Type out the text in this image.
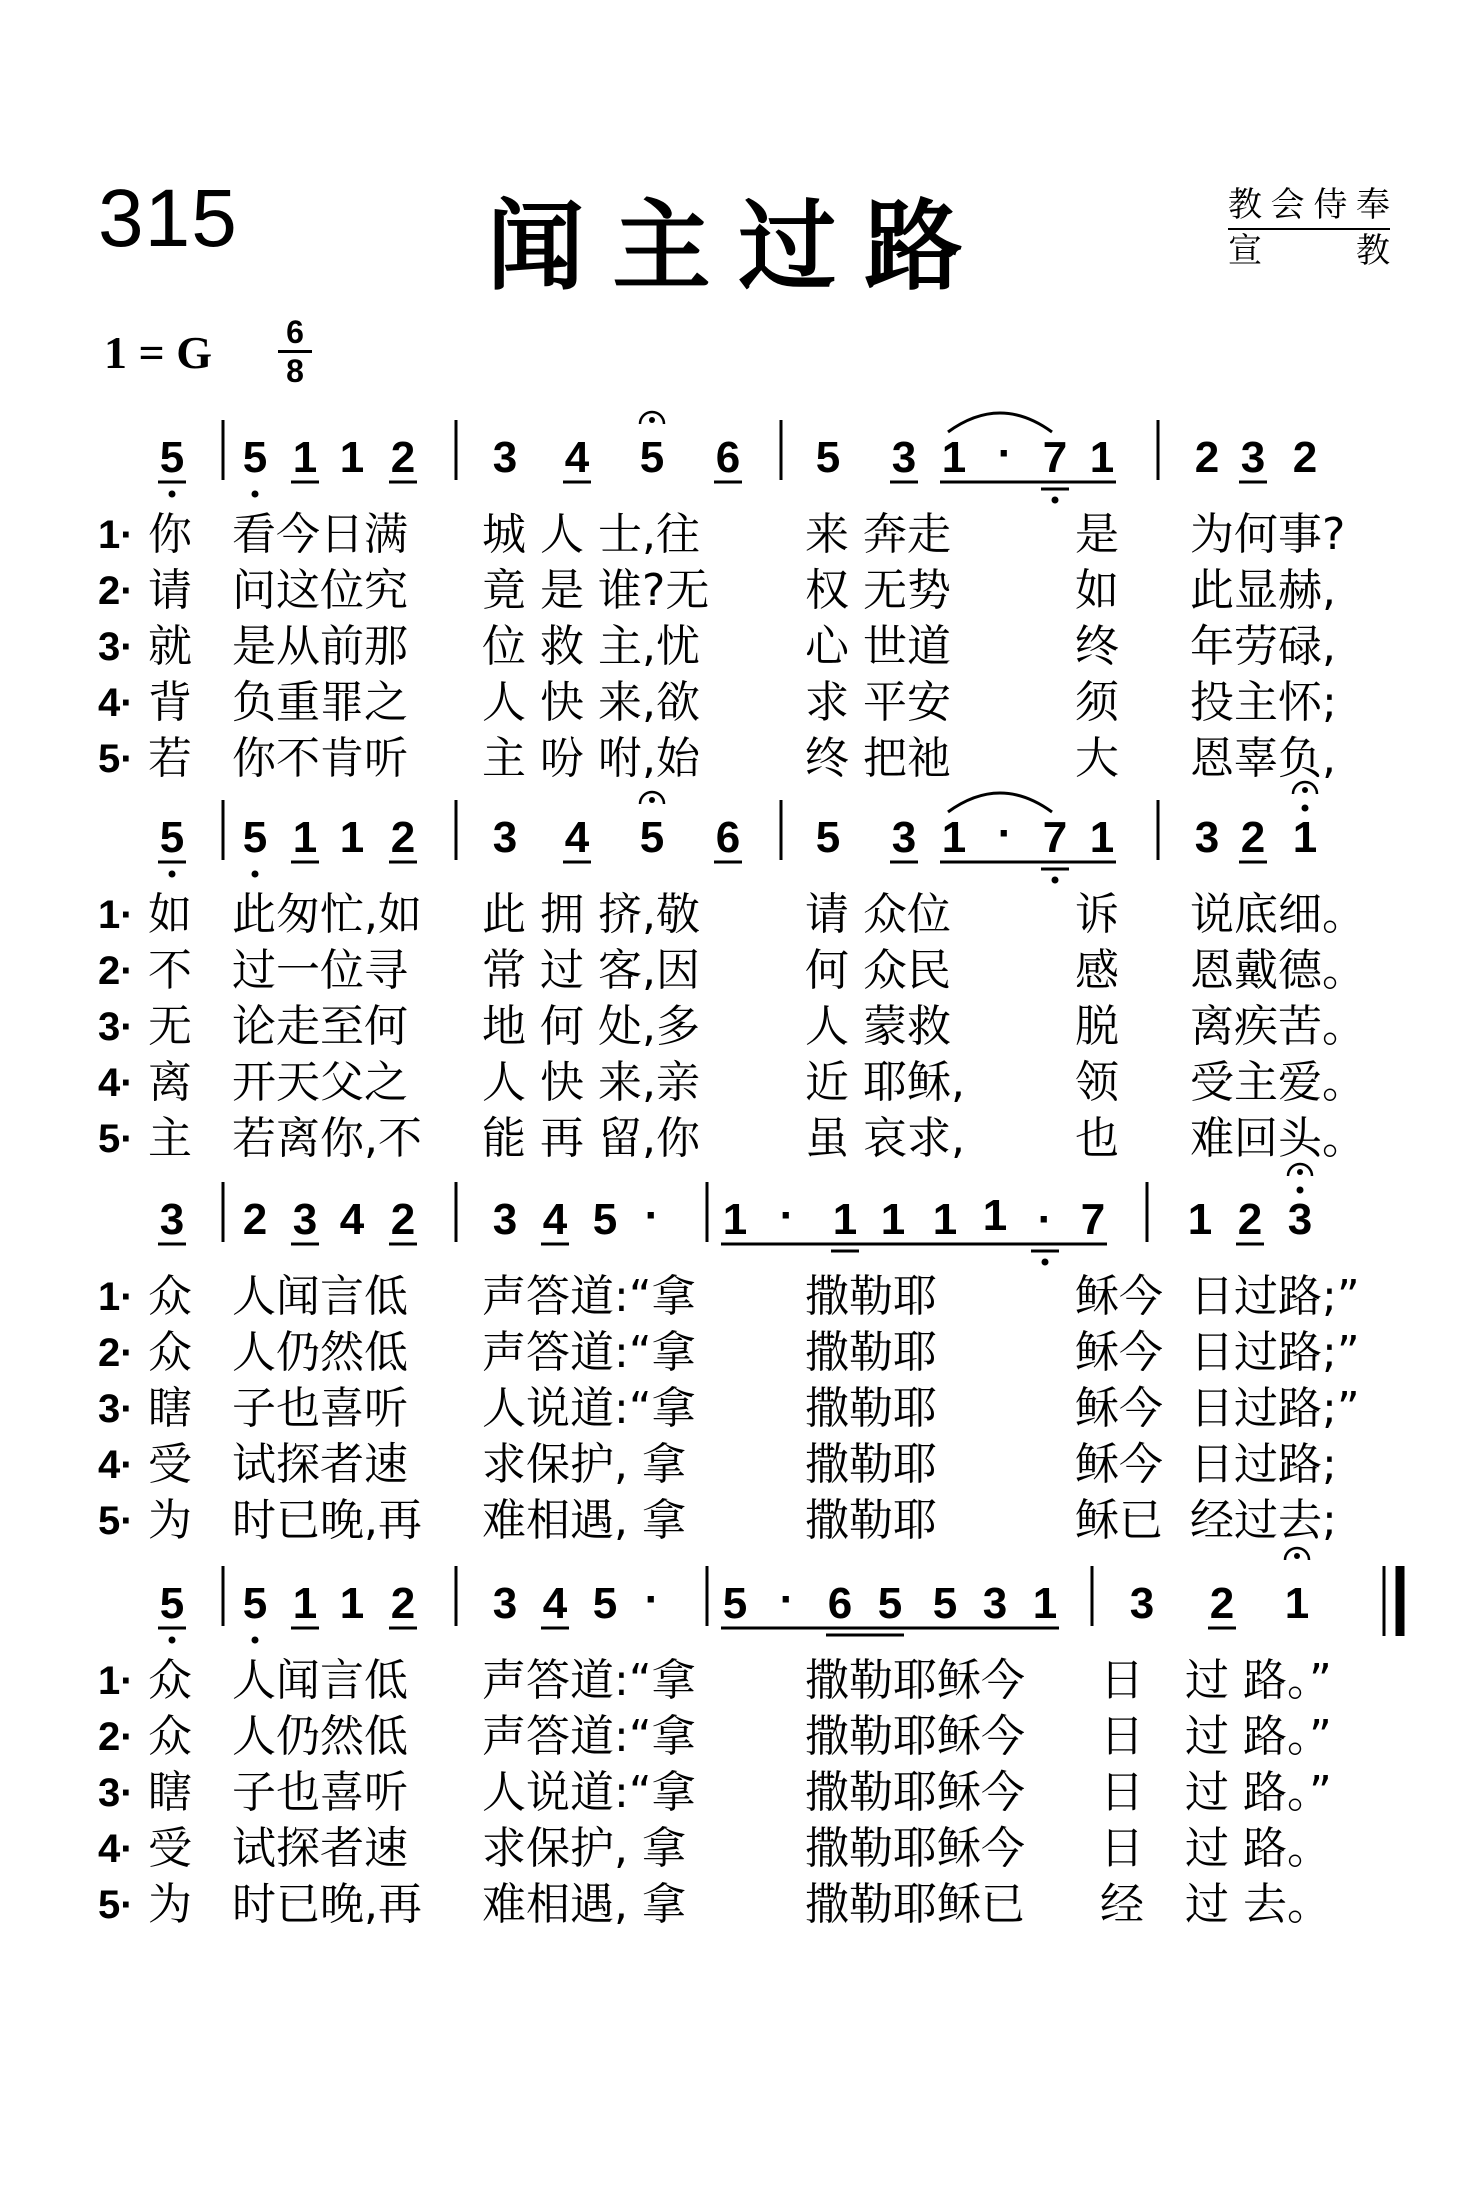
315	闻主过路	教会侍奉
宣教
1 = G 6
8
5 5 1 1 2 3 4 5 6 5 3 1 · 7 1 2 3 2
5 5 1 1 2 3 4 5 6 5 3 1 · 7 1 3 2 1
3 2 3 4 2 3 4 5 · 1 · 1 1 1 1 · 7 1 2 3
5 5 1 1 2 3 4 5 · 5 · 6 5 5 3 1 3 2 1
1· 你 看今日满 城 人 士,往 来 奔走	是 为何事?
2· 请 问这位究 竟 是 谁?无 权 无势	如 此显赫,
3· 就 是从前那 位 救 主,忧 心 世道	终 年劳碌,
4· 背 负重罪之 人 快 来,欲 求 平安	须 投主怀;
5· 若 你不肯听 主 吩 咐,始 终 把祂	大 恩辜负,
1· 如 此匆忙,如 此 拥 挤,敬 请 众位	诉 说底细。
2· 不 过一位寻 常 过 客,因 何 众民	感 恩戴德。
3· 无 论走至何 地 何 处,多 人 蒙救	脱 离疾苦。
4· 离 开天父之 人 快 来,亲 近 耶稣,	领 受主爱。
5· 主 若离你,不 能 再 留,你 虽 哀求,	也 难回头。
1· 众 人闻言低 声答道:“拿 撒勒耶	稣今 日过路;”
2· 众 人仍然低 声答道:“拿 撒勒耶	稣今 日过路;”
3· 瞎 子也喜听 人说道:“拿 撒勒耶	稣今 日过路;”
4· 受 试探者速 求保护, 拿	撒勒耶	稣今 日过路;
5· 为 时已晚,再 难相遇, 拿	撒勒耶	稣已 经过去;
1· 众 人闻言低 声答道:“拿 撒勒耶稣今 日 过 路。”
2· 众 人仍然低 声答道:“拿 撒勒耶稣今 日 过 路。”
3· 瞎 子也喜听 人说道:“拿 撒勒耶稣今 日 过 路。”
4· 受 试探者速 求保护, 拿	撒勒耶稣今 日 过 路。
5· 为 时已晚,再 难相遇, 拿	撒勒耶稣已 经 过 去。
